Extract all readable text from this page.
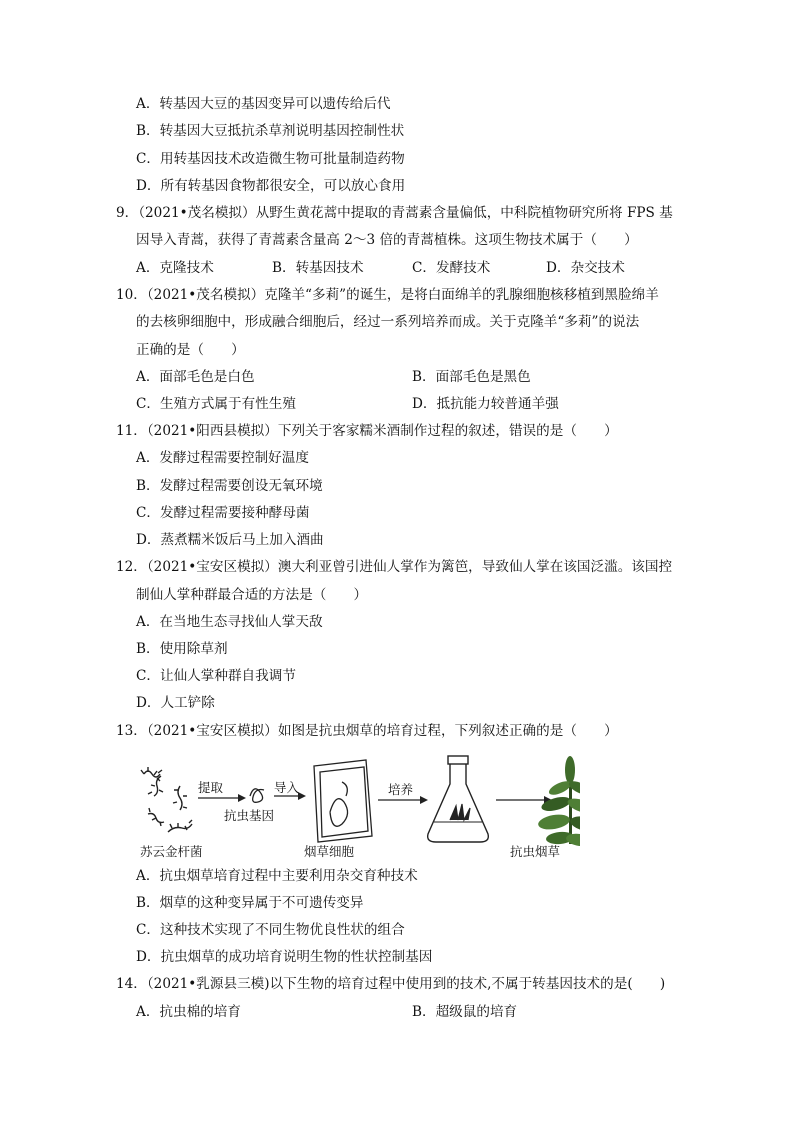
A．转基因大豆的基因变异可以遗传给后代
B．转基因大豆抵抗杀草剂说明基因控制性状
C．用转基因技术改造微生物可批量制造药物
D．所有转基因食物都很安全，可以放心食用
9．（2021•茂名模拟）从野生黄花蒿中提取的青蒿素含量偏低，中科院植物研究所将 FPS 基
因导入青蒿，获得了青蒿素含量高 2～3 倍的青蒿植株。这项生物技术属于（　　）
A．克隆技术	B．转基因技术	C．发酵技术	D．杂交技术
10．（2021•茂名模拟）克隆羊“多莉”的诞生，是将白面绵羊的乳腺细胞核移植到黑脸绵羊
的去核卵细胞中，形成融合细胞后，经过一系列培养而成。关于克隆羊“多莉”的说法
正确的是（　　）
A．面部毛色是白色	B．面部毛色是黑色
C．生殖方式属于有性生殖	D．抵抗能力较普通羊强
11．（2021•阳西县模拟）下列关于客家糯米酒制作过程的叙述，错误的是（　　）
A．发酵过程需要控制好温度
B．发酵过程需要创设无氧环境
C．发酵过程需要接种酵母菌
D．蒸煮糯米饭后马上加入酒曲
12．（2021•宝安区模拟）澳大利亚曾引进仙人掌作为篱笆，导致仙人掌在该国泛滥。该国控
制仙人掌种群最合适的方法是（　　）
A．在当地生态寻找仙人掌天敌
B．使用除草剂
C．让仙人掌种群自我调节
D．人工铲除
13．（2021•宝安区模拟）如图是抗虫烟草的培育过程，下列叙述正确的是（　　）
提取	导入	培养
抗虫基因
苏云金杆菌	烟草细胞	抗虫烟草
A．抗虫烟草培育过程中主要利用杂交育种技术
B．烟草的这种变异属于不可遗传变异
C．这种技术实现了不同生物优良性状的组合
D．抗虫烟草的成功培育说明生物的性状控制基因
14．（2021•乳源县三模)以下生物的培育过程中使用到的技术,不属于转基因技术的是(　　)
A．抗虫棉的培育	B．超级鼠的培育
